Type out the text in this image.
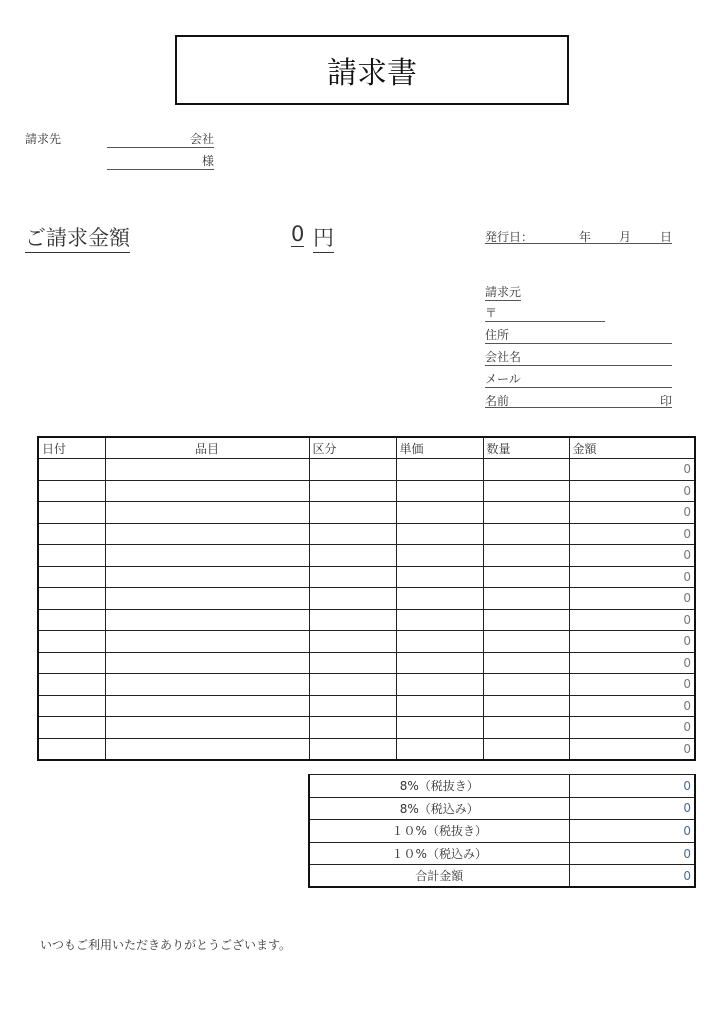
請求書
請求先	会社
様
ご請求金額	0 円	発行日：	年 月 日
請求元
〒
住所
会社名
メール
名前	印
日付	品目	区分	単価	数量	金額
					0
					0
					0
					0
					0
					0
					0
					0
					0
					0
					0
					0
					0
					0
8%（税抜き）	0
8%（税込み）	0
１０%（税抜き）	0
１０%（税込み）	0
合計金額	0
いつもご利用いただきありがとうございます。
